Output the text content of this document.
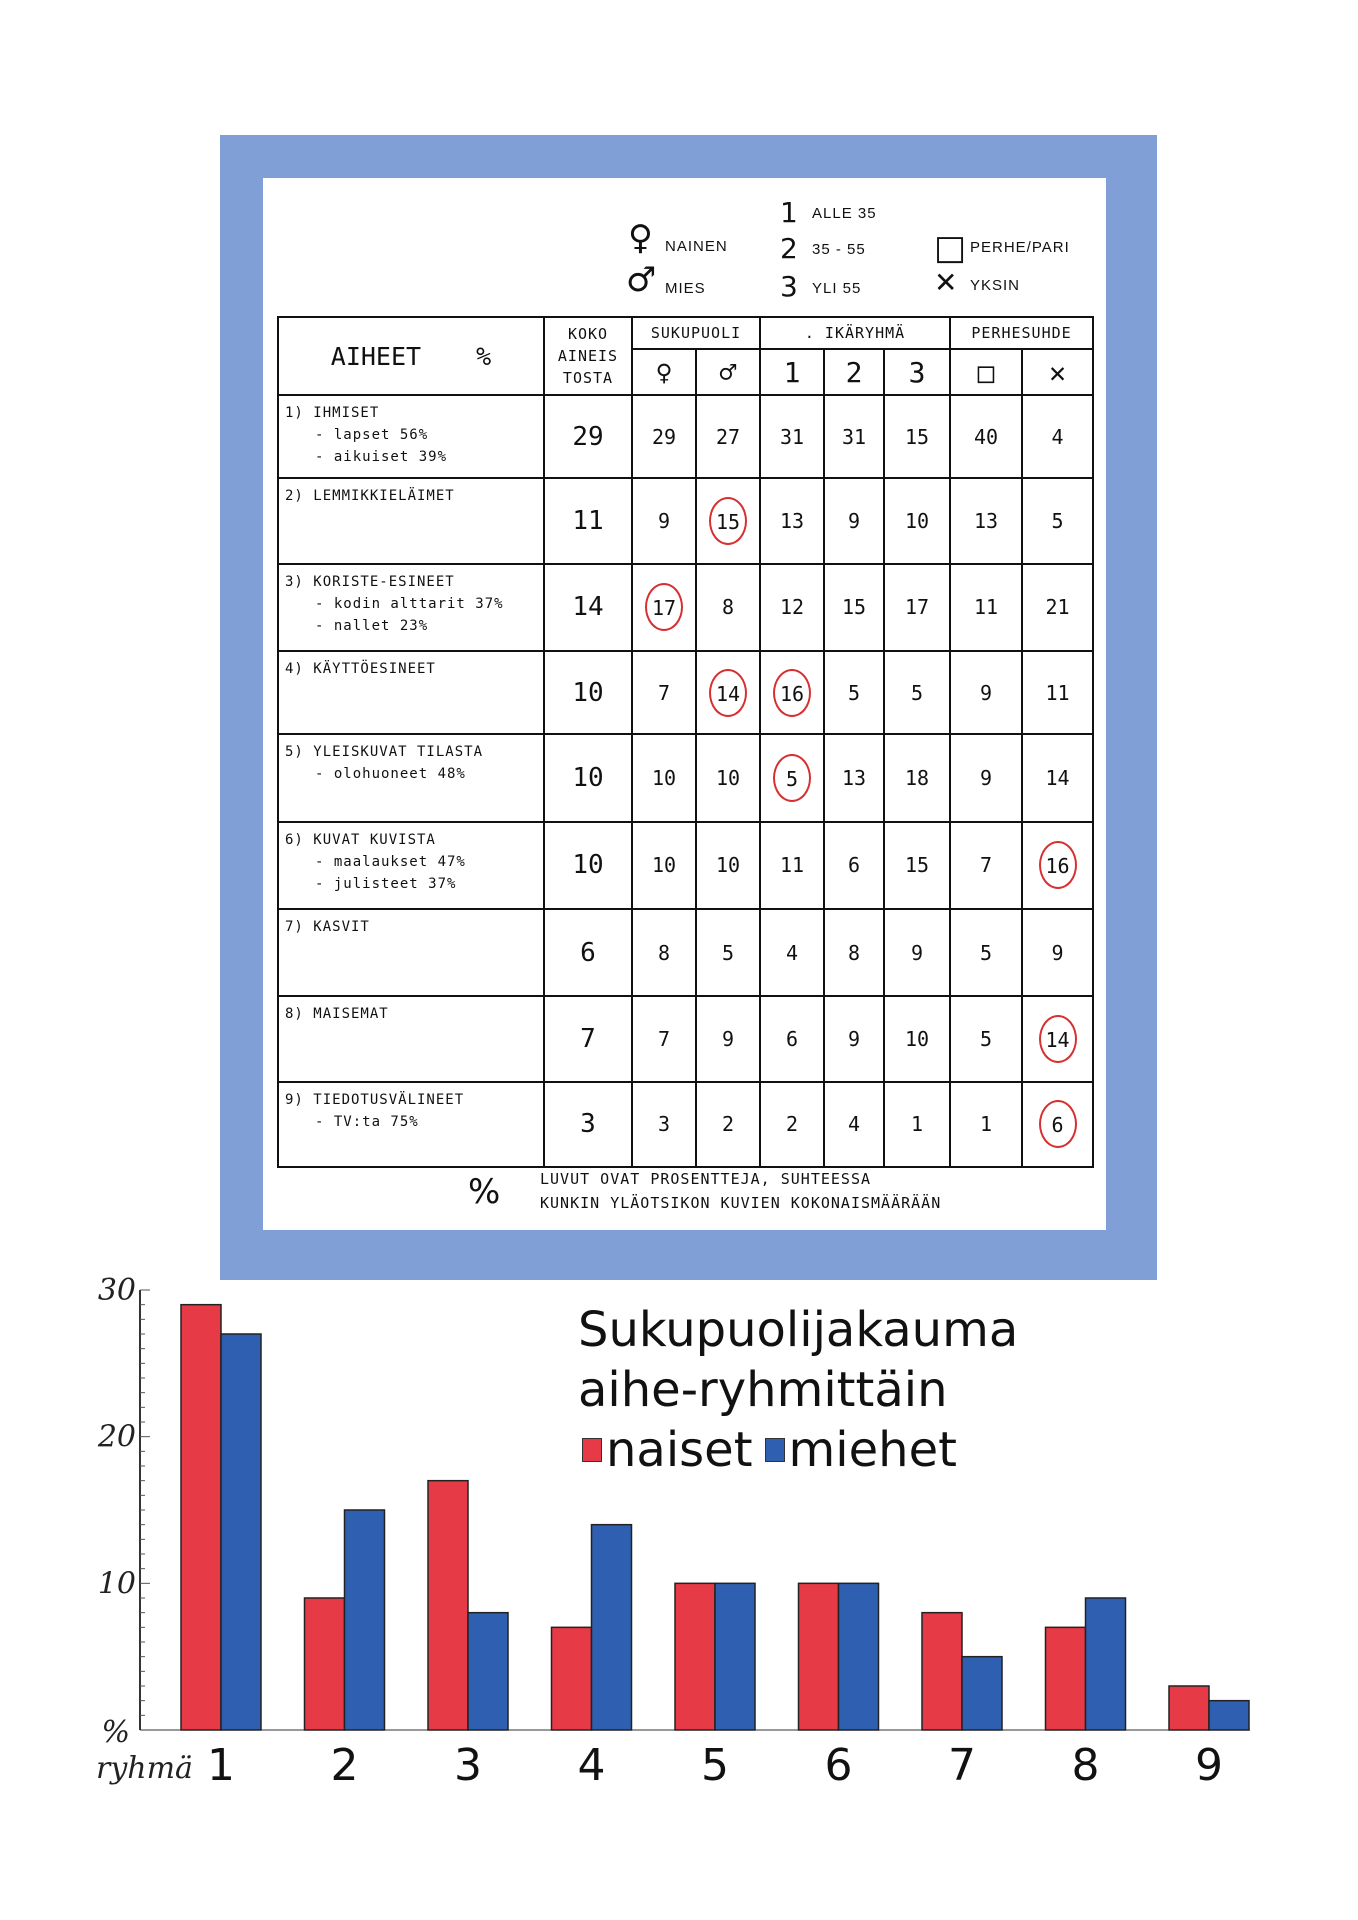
♀ NAINEN
♂ MIES
1 ALLE 35
2 35 - 55
3 YLI 55
□ PERHE/PARI
✕ YKSIN
AIHEET %	KOKO
AINEIS
TOSTA	SUKUPUOLI		. IKÄRYHMÄ			PERHESUHDE	
		♀	♂	1	2	3	□	✕
1) IHMISET
- lapset 56%
- aikuiset 39%	29	29	27	31	31	15	40	4
2) LEMMIKKIELÄIMET	11	9	15	13	9	10	13	5
3) KORISTE-ESINEET
- kodin alttarit 37%
- nallet 23%	14	17	8	12	15	17	11	21
4) KÄYTTÖESINEET	10	7	14	16	5	5	9	11
5) YLEISKUVAT TILASTA
- olohuoneet 48%	10	10	10	5	13	18	9	14
6) KUVAT KUVISTA
- maalaukset 47%
- julisteet 37%	10	10	10	11	6	15	7	16
7) KASVIT	6	8	5	4	8	9	5	9
8) MAISEMAT	7	7	9	6	9	10	5	14
9) TIEDOTUSVÄLINEET
- TV:ta 75%	3	3	2	2	4	1	1	6
%	LUVUT OVAT PROSENTTEJA, SUHTEESSA
KUNKIN YLÄOTSIKON KUVIEN KOKONAISMÄÄRÄÄN
10
20
30
%
ryhmä 1 2 3 4 5 6 7 8 9
Sukupuolijakauma
aihe-ryhmittäin
naiset miehet
